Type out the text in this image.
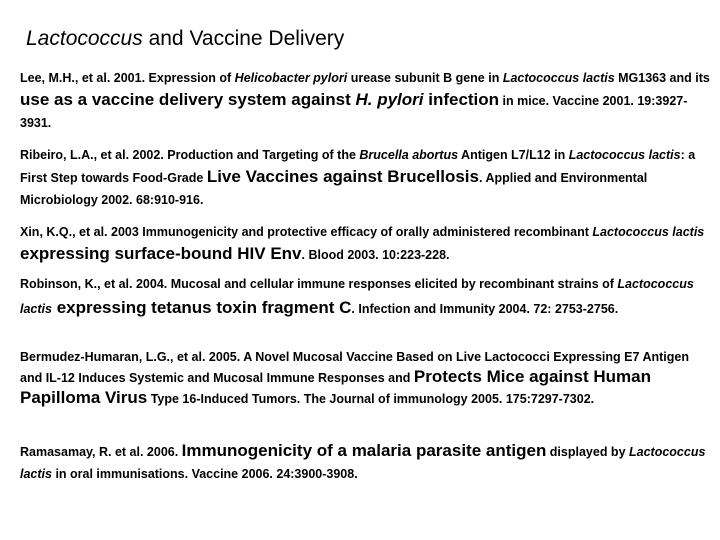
Lactococcus and Vaccine Delivery
Lee, M.H., et al. 2001. Expression of Helicobacter pylori urease subunit B gene in Lactococcus lactis MG1363 and its use as a vaccine delivery system against H. pylori infection in mice. Vaccine 2001. 19:3927-3931.
Ribeiro, L.A., et al. 2002. Production and Targeting of the Brucella abortus Antigen L7/L12 in Lactococcus lactis: a First Step towards Food-Grade Live Vaccines against Brucellosis. Applied and Environmental Microbiology 2002. 68:910-916.
Xin, K.Q., et al. 2003 Immunogenicity and protective efficacy of orally administered recombinant Lactococcus lactis expressing surface-bound HIV Env. Blood 2003. 10:223-228.
Robinson, K., et al. 2004. Mucosal and cellular immune responses elicited by recombinant strains of Lactococcus lactis expressing tetanus toxin fragment C. Infection and Immunity 2004. 72: 2753-2756.
Bermudez-Humaran, L.G., et al. 2005. A Novel Mucosal Vaccine Based on Live Lactococci Expressing E7 Antigen and IL-12 Induces Systemic and Mucosal Immune Responses and Protects Mice against Human Papilloma Virus Type 16-Induced Tumors. The Journal of immunology 2005. 175:7297-7302.
Ramasamay, R. et al. 2006. Immunogenicity of a malaria parasite antigen displayed by Lactococcus lactis in oral immunisations. Vaccine 2006. 24:3900-3908.
